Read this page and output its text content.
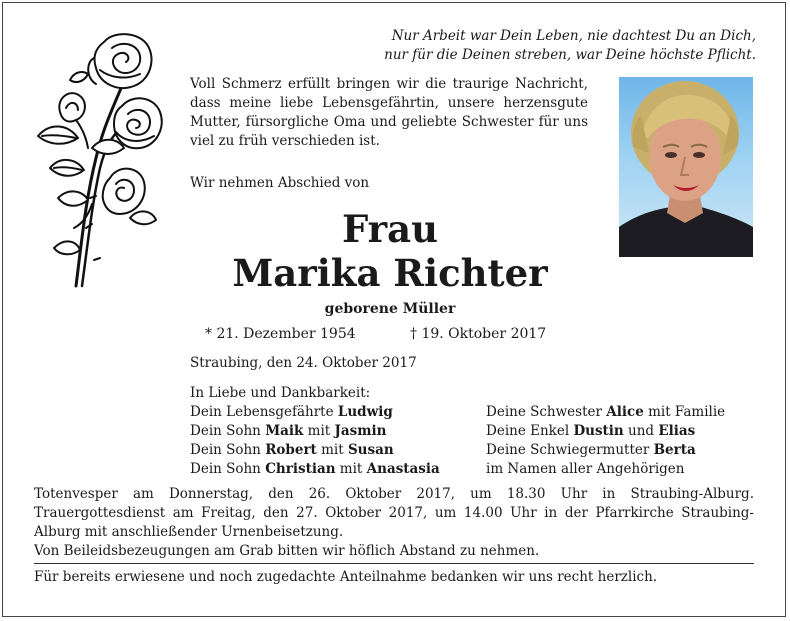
Nur Arbeit war Dein Leben, nie dachtest Du an Dich,
nur für die Deinen streben, war Deine höchste Pflicht.

Voll Schmerz erfüllt bringen wir die traurige Nachricht, dass meine liebe Lebensgefährtin, unsere herzensgute Mutter, fürsorgliche Oma und geliebte Schwester für uns viel zu früh verschieden ist.

Wir nehmen Abschied von
Frau
Marika Richter
geborene Müller
* 21. Dezember 1954	† 19. Oktober 2017
Straubing, den 24. Oktober 2017
In Liebe und Dankbarkeit:
Dein Lebensgefährte Ludwig
Dein Sohn Maik mit Jasmin
Dein Sohn Robert mit Susan
Dein Sohn Christian mit Anastasia
Deine Schwester Alice mit Familie
Deine Enkel Dustin und Elias
Deine Schwiegermutter Berta
im Namen aller Angehörigen

Totenvesper am Donnerstag, den 26. Oktober 2017, um 18.30 Uhr in Straubing-Alburg. Trauergottesdienst am Freitag, den 27. Oktober 2017, um 14.00 Uhr in der Pfarrkirche Straubing-Alburg mit anschließender Urnenbeisetzung.

Von Beileidsbezeugungen am Grab bitten wir höflich Abstand zu nehmen.

Für bereits erwiesene und noch zugedachte Anteilnahme bedanken wir uns recht herzlich.
